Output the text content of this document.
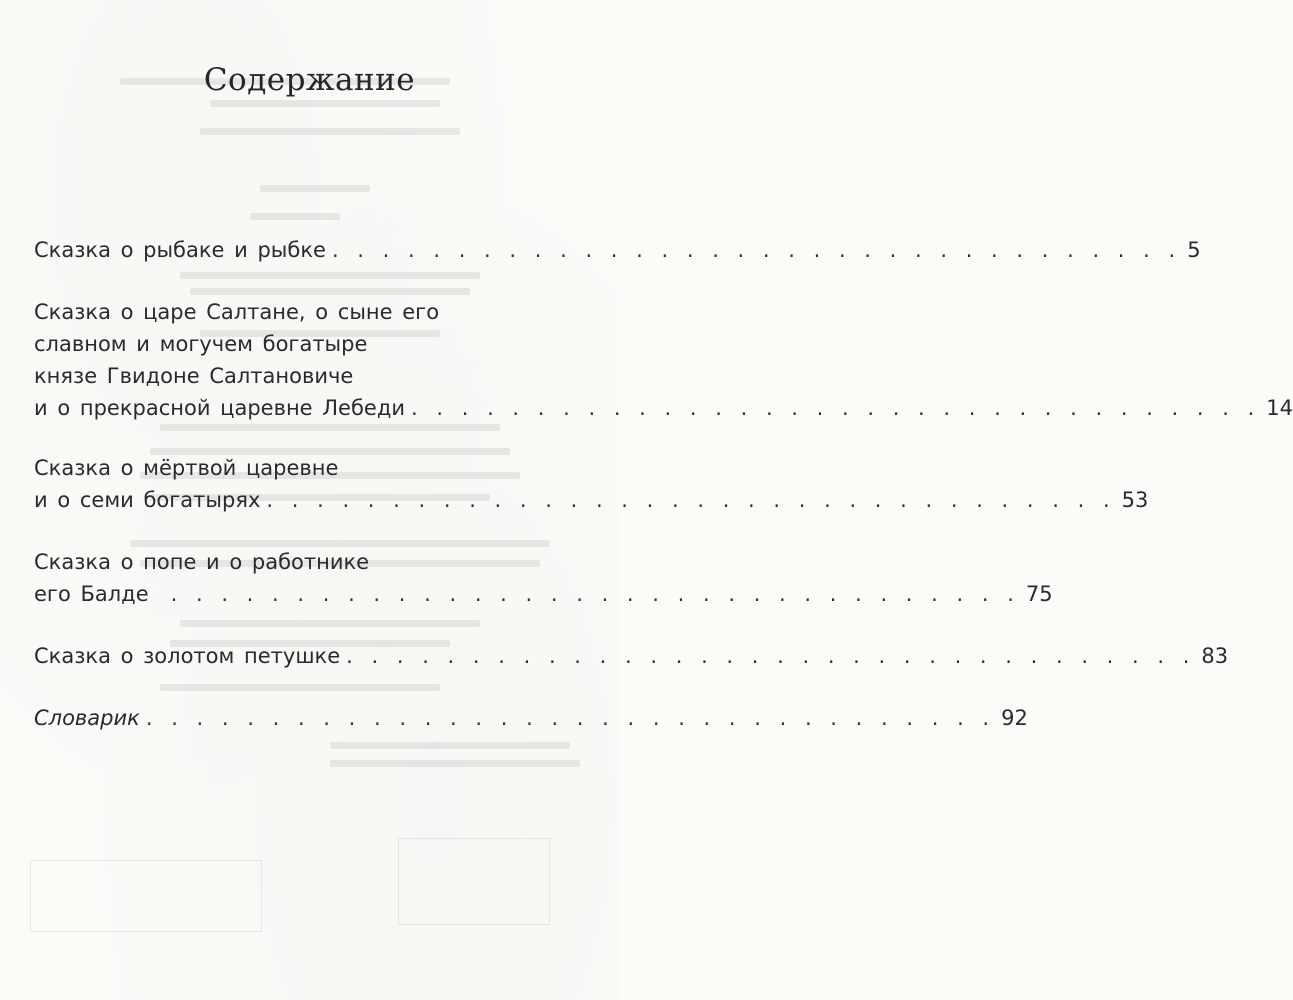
Содержание
Сказка о рыбаке и рыбке . . . . . . . . . . . . . . . . . . . . . . . . . . . . . . . . . . 5
Сказка о царе Салтане, о сыне его
славном и могучем богатыре
князе Гвидоне Салтановиче
и о прекрасной царевне Лебеди . . . . . . . . . . . . . . . . . . . . . . . . . . . . . . . . . . 14
Сказка о мёртвой царевне
и о семи богатырях . . . . . . . . . . . . . . . . . . . . . . . . . . . . . . . . . . 53
Сказка о попе и о работнике
его Балде . . . . . . . . . . . . . . . . . . . . . . . . . . . . . . . . . . 75
Сказка о золотом петушке . . . . . . . . . . . . . . . . . . . . . . . . . . . . . . . . . . 83
Словарик . . . . . . . . . . . . . . . . . . . . . . . . . . . . . . . . . . 92
